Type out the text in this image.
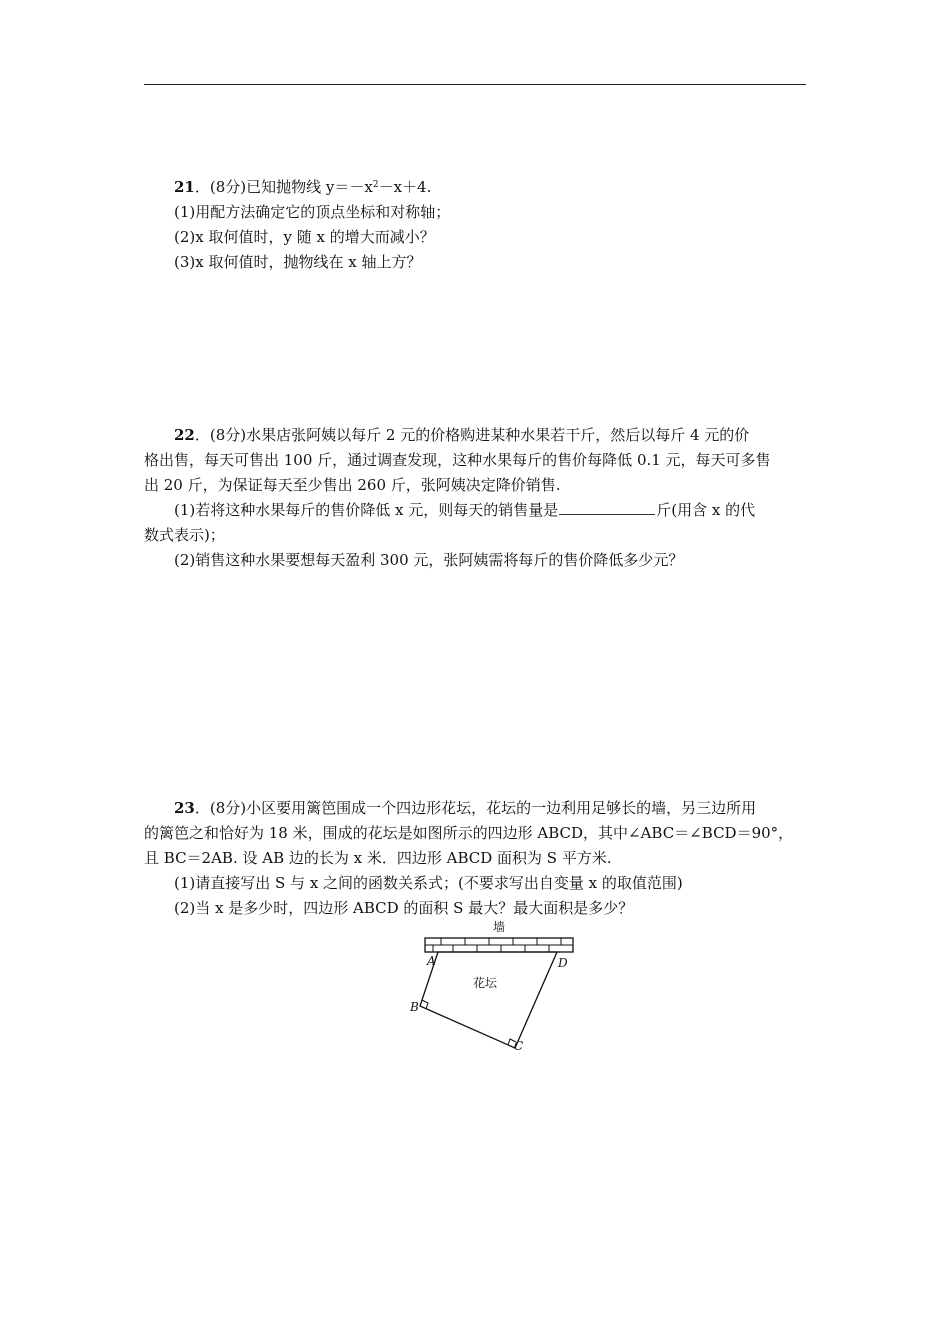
21．(8分)已知抛物线 $y=-x^2-x+4$.
(1)用配方法确定它的顶点坐标和对称轴；
(2)x 取何值时，y 随 x 的增大而减小？
(3)x 取何值时，抛物线在 x 轴上方？
22．(8分)水果店张阿姨以每斤 2 元的价格购进某种水果若干斤，然后以每斤 4 元的价
格出售，每天可售出 100 斤，通过调查发现，这种水果每斤的售价每降低 0.1 元，每天可多售
出 20 斤，为保证每天至少售出 260 斤，张阿姨决定降价销售.
(1)若将这种水果每斤的售价降低 x 元，则每天的销售量是	斤(用含 x 的代
数式表示)；
(2)销售这种水果要想每天盈利 300 元，张阿姨需将每斤的售价降低多少元？
23．(8分)小区要用篱笆围成一个四边形花坛，花坛的一边利用足够长的墙，另三边所用
的篱笆之和恰好为 18 米，围成的花坛是如图所示的四边形 ABCD，其中∠ABC＝∠BCD＝90°，
且 BC＝2AB. 设 AB 边的长为 x 米．四边形 ABCD 面积为 S 平方米.
(1)请直接写出 S 与 x 之间的函数关系式；(不要求写出自变量 x 的取值范围)
(2)当 x 是多少时，四边形 ABCD 的面积 S 最大？最大面积是多少？
墙
花坛
A
B
C
D
